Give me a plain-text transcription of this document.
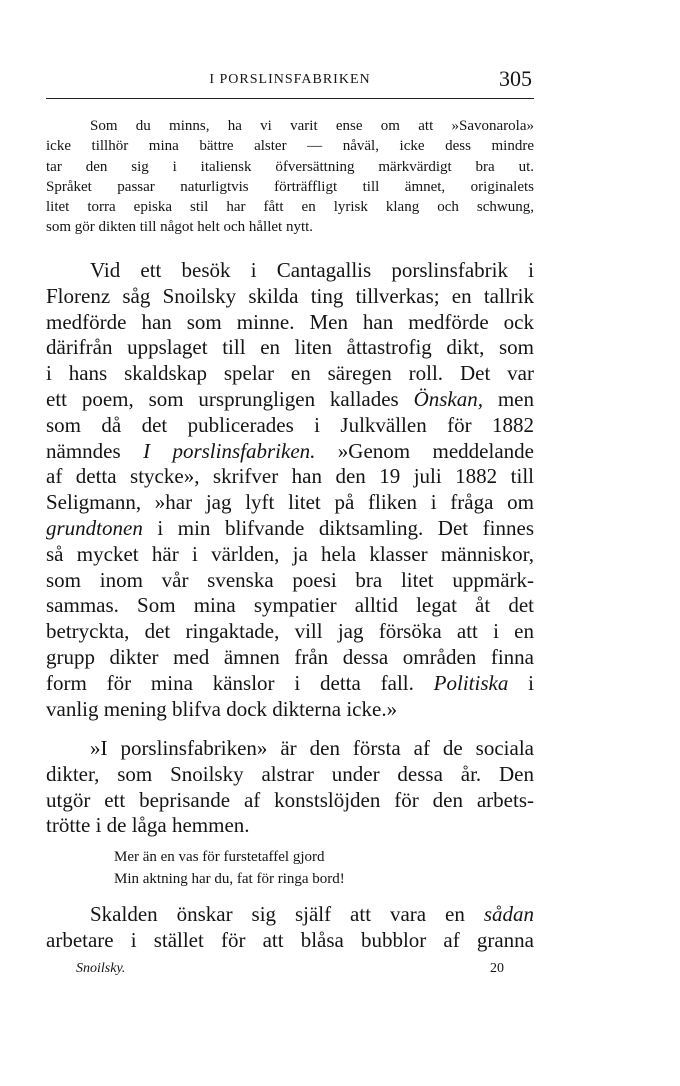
I PORSLINSFABRIKEN	305
Som du minns, ha vi varit ense om att »Savonarola»
icke tillhör mina bättre alster — nåväl, icke dess mindre
tar den sig i italiensk öfversättning märkvärdigt bra ut.
Språket passar naturligtvis förträffligt till ämnet, originalets
litet torra episka stil har fått en lyrisk klang och schwung,
som gör dikten till något helt och hållet nytt.
Vid ett besök i Cantagallis porslinsfabrik i
Florenz såg Snoilsky skilda ting tillverkas; en tallrik
medförde han som minne. Men han medförde ock
därifrån uppslaget till en liten åttastrofig dikt, som
i hans skaldskap spelar en säregen roll. Det var
ett poem, som ursprungligen kallades Önskan, men
som då det publicerades i Julkvällen för 1882
nämndes I porslinsfabriken. »Genom meddelande
af detta stycke», skrifver han den 19 juli 1882 till
Seligmann, »har jag lyft litet på fliken i fråga om
grundtonen i min blifvande diktsamling. Det finnes
så mycket här i världen, ja hela klasser människor,
som inom vår svenska poesi bra litet uppmärk-
sammas. Som mina sympatier alltid legat åt det
betryckta, det ringaktade, vill jag försöka att i en
grupp dikter med ämnen från dessa områden finna
form för mina känslor i detta fall. Politiska i
vanlig mening blifva dock dikterna icke.»
»I porslinsfabriken» är den första af de sociala
dikter, som Snoilsky alstrar under dessa år. Den
utgör ett beprisande af konstslöjden för den arbets-
trötte i de låga hemmen.
Mer än en vas för furstetaffel gjord
Min aktning har du, fat för ringa bord!
Skalden önskar sig själf att vara en sådan
arbetare i stället för att blåsa bubblor af granna
Snoilsky.	20
